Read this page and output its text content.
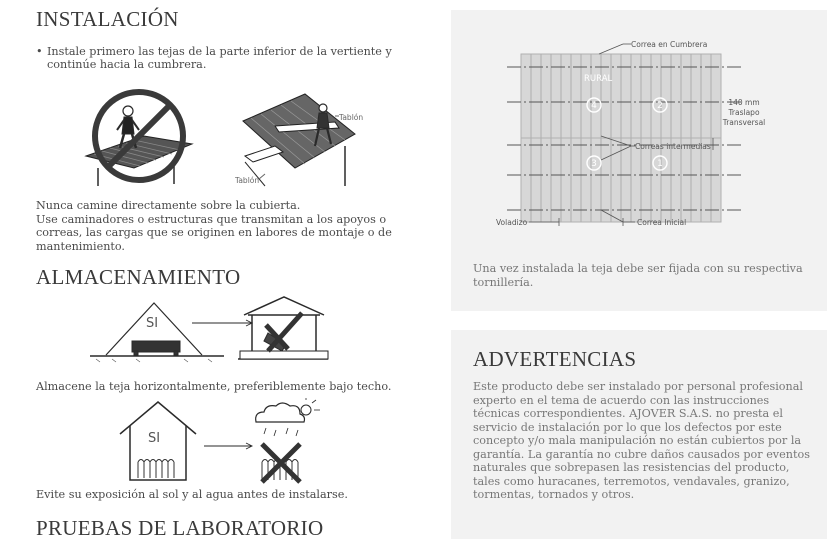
INSTALACIÓN
• Instale primero las tejas de la parte inferior de la vertiente y continúe hacia la cumbrera.
Tablón
Tablón
Nunca camine directamente sobre la cubierta.
Use caminadores o estructuras que transmitan a los apoyos o correas, las cargas que se originen en labores de montaje o de mantenimiento.
ALMACENAMIENTO
SI
Almacene la teja horizontalmente, preferiblemente bajo techo.
SI
Evite su exposición al sol y al agua antes de instalarse.
PRUEBAS DE LABORATORIO
4	2
3	1
Correa en Cumbrera
RURAL
Correas intermedias
Voladizo	Correa Inicial
140 mm
Traslapo
Transversal
Una vez instalada la teja debe ser fijada con su respectiva tornillería.
ADVERTENCIAS
Este producto debe ser instalado por personal profesional experto en el tema de acuerdo con las instrucciones técnicas correspondientes. AJOVER S.A.S. no presta el servicio de instalación por lo que los defectos por este concepto y/o mala manipulación no están cubiertos por la garantía. La garantía no cubre daños causados por eventos naturales que sobrepasen las resistencias del producto, tales como huracanes, terremotos, vendavales, granizo, tormentas, tornados y otros.
